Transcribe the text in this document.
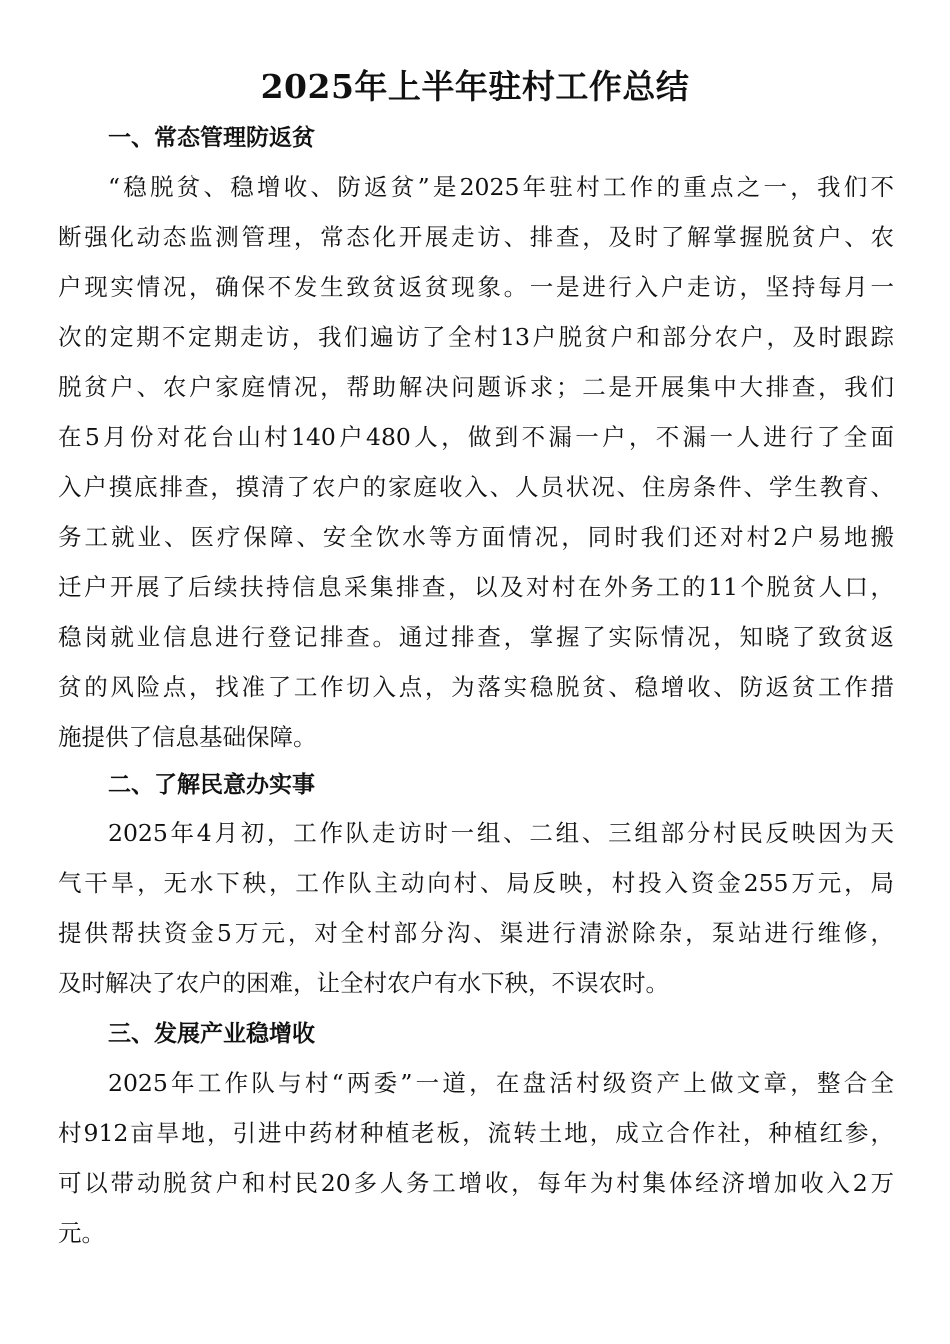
2025年上半年驻村工作总结
一、常态管理防返贫
“稳脱贫、稳增收、防返贫”是2025年驻村工作的重点之一，我们不
断强化动态监测管理，常态化开展走访、排查，及时了解掌握脱贫户、农
户现实情况，确保不发生致贫返贫现象。一是进行入户走访，坚持每月一
次的定期不定期走访，我们遍访了全村13户脱贫户和部分农户，及时跟踪
脱贫户、农户家庭情况，帮助解决问题诉求；二是开展集中大排查，我们
在5月份对花台山村140户480人，做到不漏一户，不漏一人进行了全面
入户摸底排查，摸清了农户的家庭收入、人员状况、住房条件、学生教育、
务工就业、医疗保障、安全饮水等方面情况，同时我们还对村2户易地搬
迁户开展了后续扶持信息采集排查，以及对村在外务工的11个脱贫人口，
稳岗就业信息进行登记排查。通过排查，掌握了实际情况，知晓了致贫返
贫的风险点，找准了工作切入点，为落实稳脱贫、稳增收、防返贫工作措
施提供了信息基础保障。
二、了解民意办实事
2025年4月初，工作队走访时一组、二组、三组部分村民反映因为天
气干旱，无水下秧，工作队主动向村、局反映，村投入资金255万元，局
提供帮扶资金5万元，对全村部分沟、渠进行清淤除杂，泵站进行维修，
及时解决了农户的困难，让全村农户有水下秧，不误农时。
三、发展产业稳增收
2025年工作队与村“两委”一道，在盘活村级资产上做文章，整合全
村912亩旱地，引进中药材种植老板，流转土地，成立合作社，种植红参，
可以带动脱贫户和村民20多人务工增收，每年为村集体经济增加收入2万
元。
